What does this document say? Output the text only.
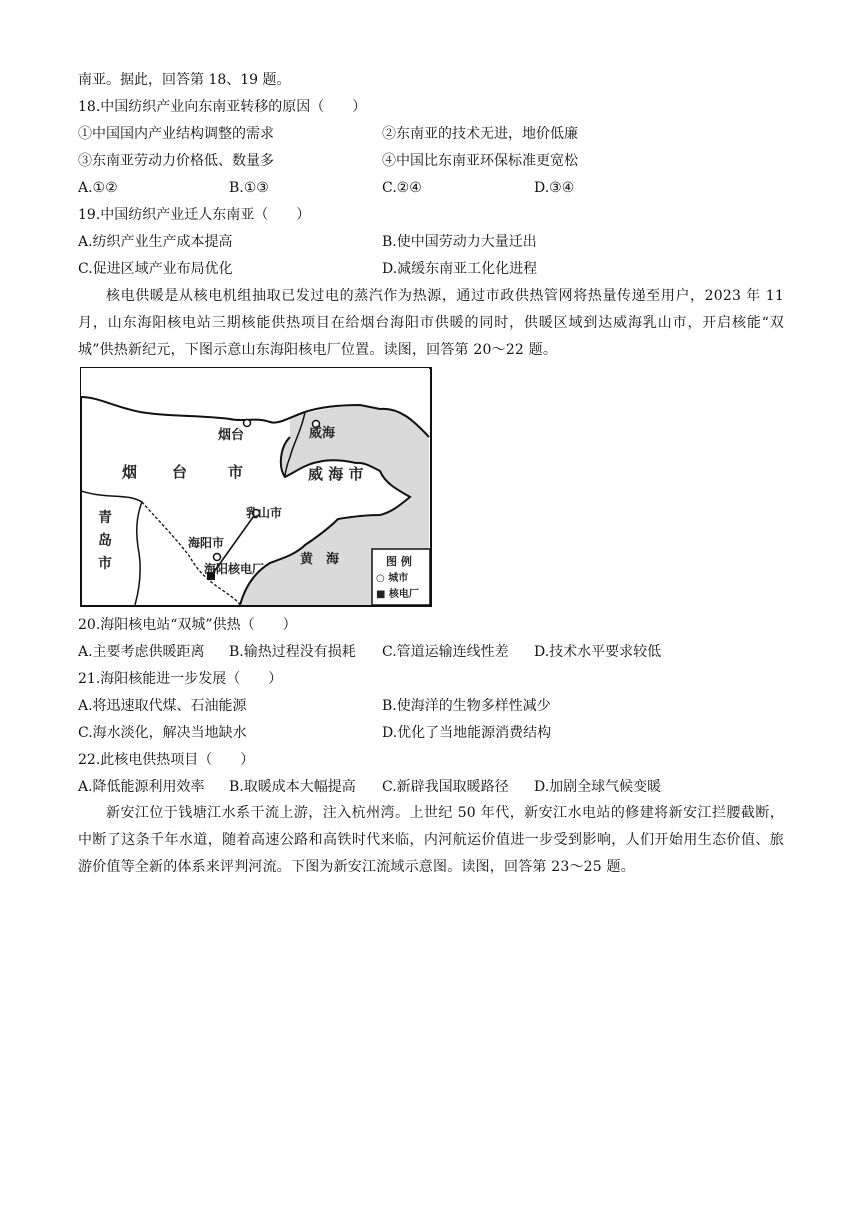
南亚。据此，回答第 18、19 题。
18.中国纺织产业向东南亚转移的原因（　　）
①中国国内产业结构调整的需求	②东南亚的技术无进，地价低廉
③东南亚劳动力价格低、数量多	④中国比东南亚环保标准更宽松
A.①②	B.①③	C.②④	D.③④
19.中国纺织产业迁人东南亚（　　）
A.纺织产业生产成本提高	B.使中国劳动力大量迁出
C.促进区域产业布局优化	D.减缓东南亚工化化进程
核电供暖是从核电机组抽取已发过电的蒸汽作为热源，通过市政供热管网将热量传递至用户，2023 年 11 月，山东海阳核电站三期核能供热项目在给烟台海阳市供暖的同时，供暖区域到达威海乳山市，开启核能“双城”供热新纪元，下图示意山东海阳核电厂位置。读图，回答第 20～22 题。
烟台	威海
烟 台	市	威 海 市
青
岛
市
乳山市
海阳市
海阳核电厂
黄　海	图 例
○ 城市
■ 核电厂
20.海阳核电站“双城”供热（　　）
A.主要考虑供暖距离 B.输热过程没有损耗 C.管道运输连线性差 D.技术水平要求较低
21.海阳核能进一步发展（　　）
A.将迅速取代煤、石油能源	B.使海洋的生物多样性减少
C.海水淡化，解决当地缺水	D.优化了当地能源消费结构
22.此核电供热项目（　　）
A.降低能源利用效率 B.取暖成本大幅提高 C.新辟我国取暖路径 D.加剧全球气候变暖
新安江位于钱塘江水系干流上游，注入杭州湾。上世纪 50 年代，新安江水电站的修建将新安江拦腰截断，中断了这条千年水道，随着高速公路和高铁时代来临，内河航运价值进一步受到影响，人们开始用生态价值、旅游价值等全新的体系来评判河流。下图为新安江流域示意图。读图，回答第 23～25 题。
